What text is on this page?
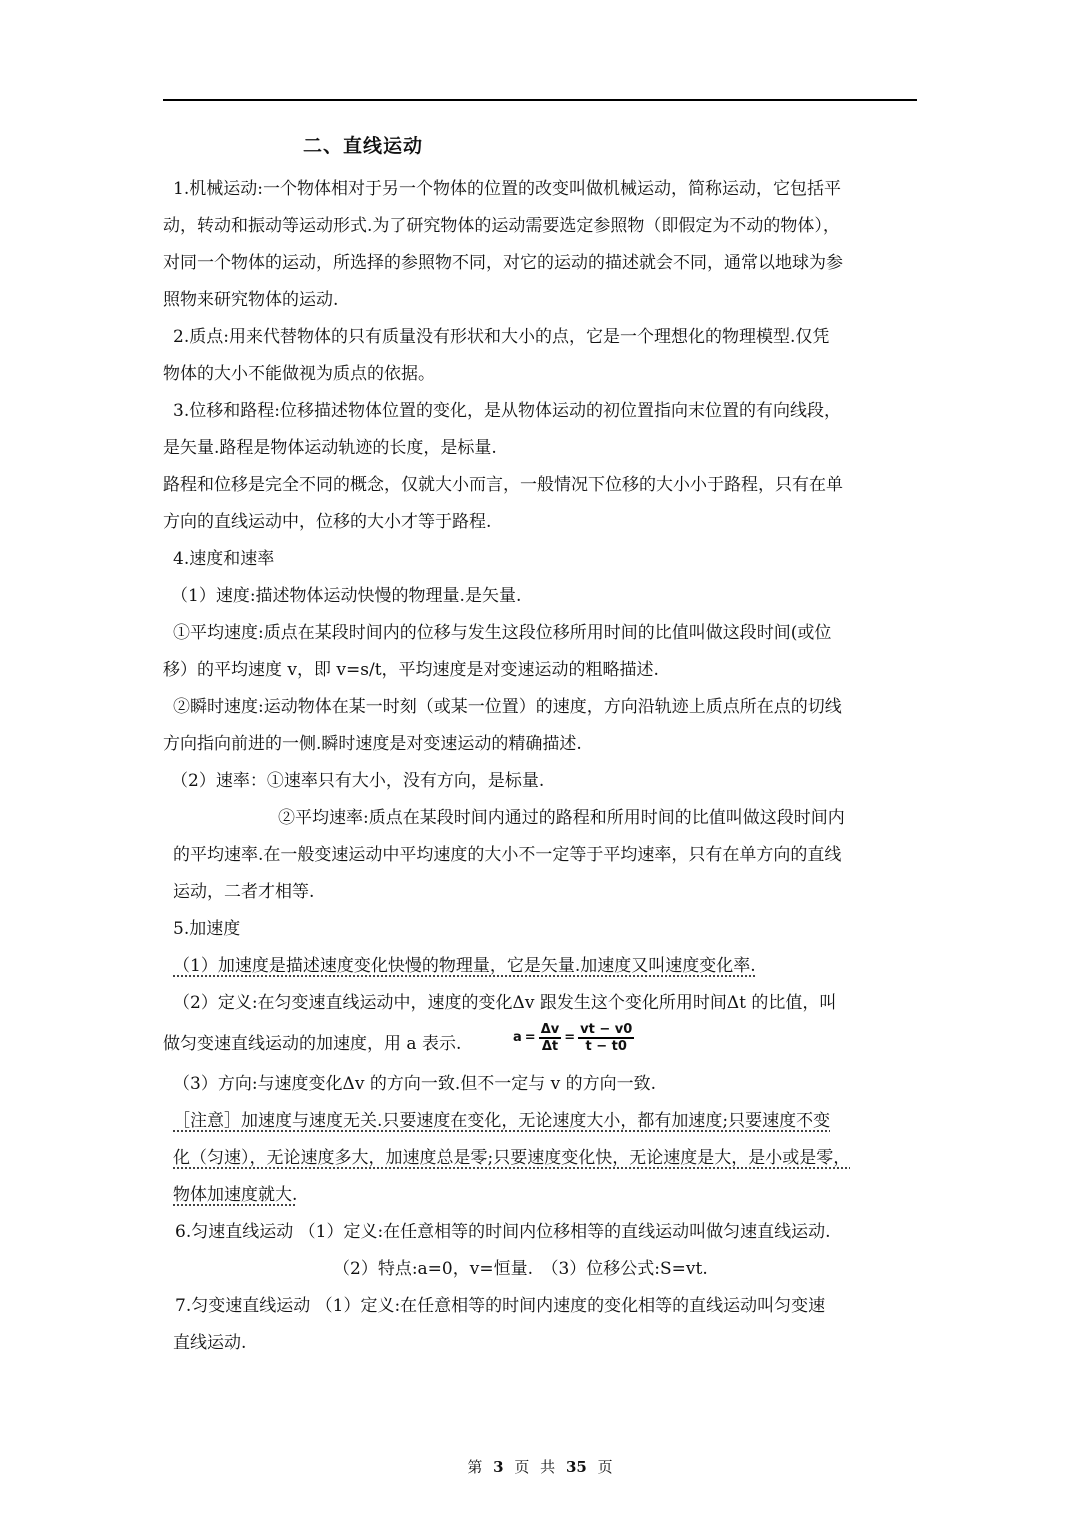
二、直线运动

1.机械运动:一个物体相对于另一个物体的位置的改变叫做机械运动，简称运动，它包括平

动，转动和振动等运动形式.为了研究物体的运动需要选定参照物（即假定为不动的物体），

对同一个物体的运动，所选择的参照物不同，对它的运动的描述就会不同，通常以地球为参

照物来研究物体的运动.

2.质点:用来代替物体的只有质量没有形状和大小的点，它是一个理想化的物理模型.仅凭

物体的大小不能做视为质点的依据。

3.位移和路程:位移描述物体位置的变化，是从物体运动的初位置指向末位置的有向线段，

是矢量.路程是物体运动轨迹的长度，是标量.

路程和位移是完全不同的概念，仅就大小而言，一般情况下位移的大小小于路程，只有在单

方向的直线运动中，位移的大小才等于路程.

4.速度和速率

（1）速度:描述物体运动快慢的物理量.是矢量.

①平均速度:质点在某段时间内的位移与发生这段位移所用时间的比值叫做这段时间(或位

移）的平均速度 v，即 v=s/t，平均速度是对变速运动的粗略描述.

②瞬时速度:运动物体在某一时刻（或某一位置）的速度，方向沿轨迹上质点所在点的切线

方向指向前进的一侧.瞬时速度是对变速运动的精确描述.

（2）速率：①速率只有大小，没有方向，是标量.

②平均速率:质点在某段时间内通过的路程和所用时间的比值叫做这段时间内

的平均速率.在一般变速运动中平均速度的大小不一定等于平均速率，只有在单方向的直线

运动，二者才相等.

5.加速度

（1）加速度是描述速度变化快慢的物理量，它是矢量.加速度又叫速度变化率.

（2）定义:在匀变速直线运动中，速度的变化Δv 跟发生这个变化所用时间Δt 的比值，叫

做匀变速直线运动的加速度，用 a 表示.	$a = \frac{\Delta v}{\Delta t} = \frac{vt - v0}{t - t0}$

（3）方向:与速度变化Δv 的方向一致.但不一定与 v 的方向一致.

［注意］加速度与速度无关.只要速度在变化，无论速度大小，都有加速度;只要速度不变

化（匀速），无论速度多大，加速度总是零;只要速度变化快，无论速度是大，是小或是零，

物体加速度就大.

6.匀速直线运动 （1）定义:在任意相等的时间内位移相等的直线运动叫做匀速直线运动.

（2）特点:a=0，v=恒量.　（3）位移公式:S=vt.

7.匀变速直线运动 （1）定义:在任意相等的时间内速度的变化相等的直线运动叫匀变速

直线运动.

第 3 页 共 35 页
